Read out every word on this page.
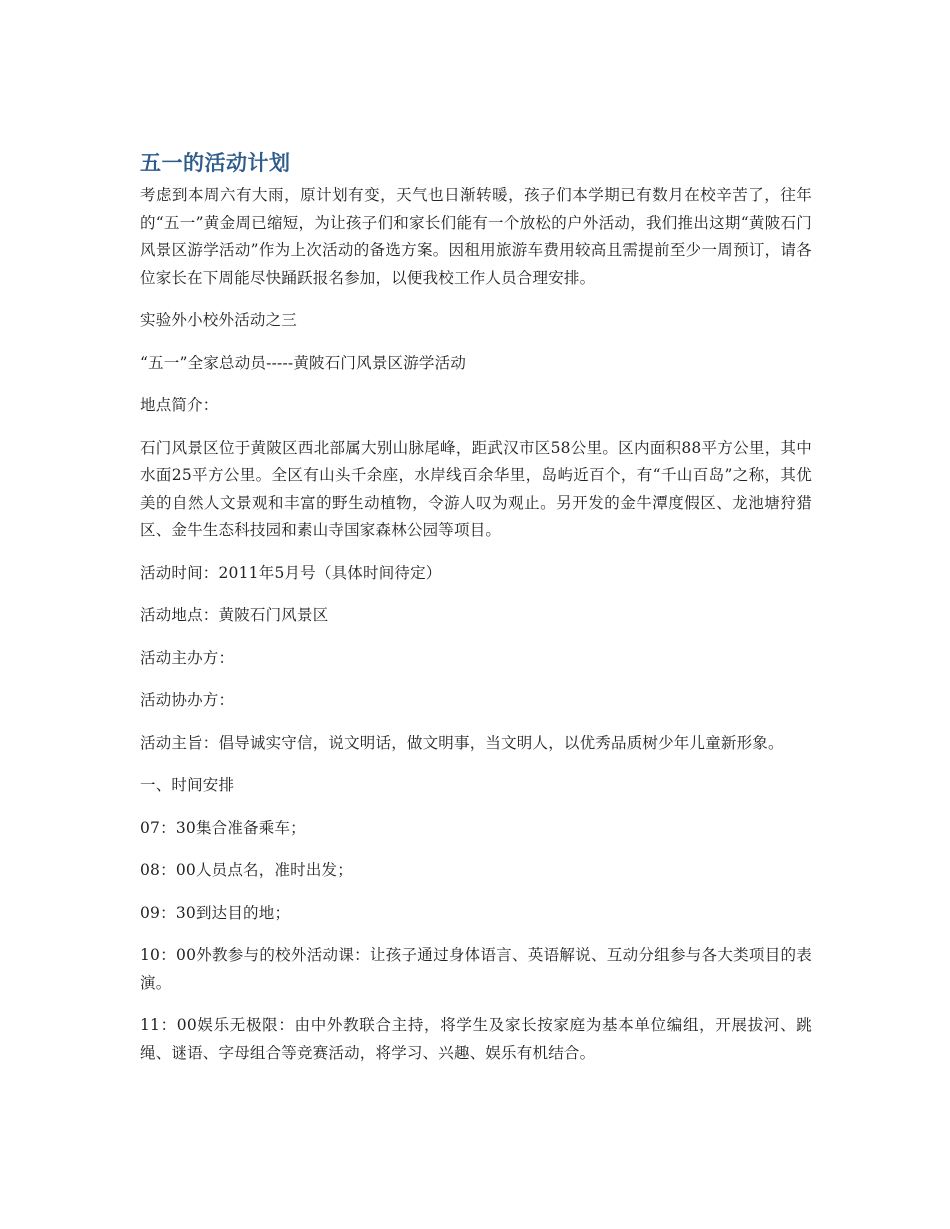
五一的活动计划

考虑到本周六有大雨，原计划有变，天气也日渐转暖，孩子们本学期已有数月在校辛苦了，往年的“五一”黄金周已缩短，为让孩子们和家长们能有一个放松的户外活动，我们推出这期“黄陂石门风景区游学活动”作为上次活动的备选方案。因租用旅游车费用较高且需提前至少一周预订，请各位家长在下周能尽快踊跃报名参加，以便我校工作人员合理安排。

实验外小校外活动之三

“五一”全家总动员-----黄陂石门风景区游学活动

地点简介：

石门风景区位于黄陂区西北部属大别山脉尾峰，距武汉市区58公里。区内面积88平方公里，其中水面25平方公里。全区有山头千余座，水岸线百余华里，岛屿近百个，有“千山百岛”之称，其优美的自然人文景观和丰富的野生动植物，令游人叹为观止。另开发的金牛潭度假区、龙池塘狩猎区、金牛生态科技园和素山寺国家森林公园等项目。

活动时间：2011年5月号（具体时间待定）

活动地点：黄陂石门风景区

活动主办方：

活动协办方：

活动主旨：倡导诚实守信，说文明话，做文明事，当文明人，以优秀品质树少年儿童新形象。

一、时间安排

07：30集合准备乘车；

08：00人员点名，准时出发；

09：30到达目的地；

10：00外教参与的校外活动课：让孩子通过身体语言、英语解说、互动分组参与各大类项目的表演。

11：00娱乐无极限：由中外教联合主持，将学生及家长按家庭为基本单位编组，开展拔河、跳绳、谜语、字母组合等竞赛活动，将学习、兴趣、娱乐有机结合。
